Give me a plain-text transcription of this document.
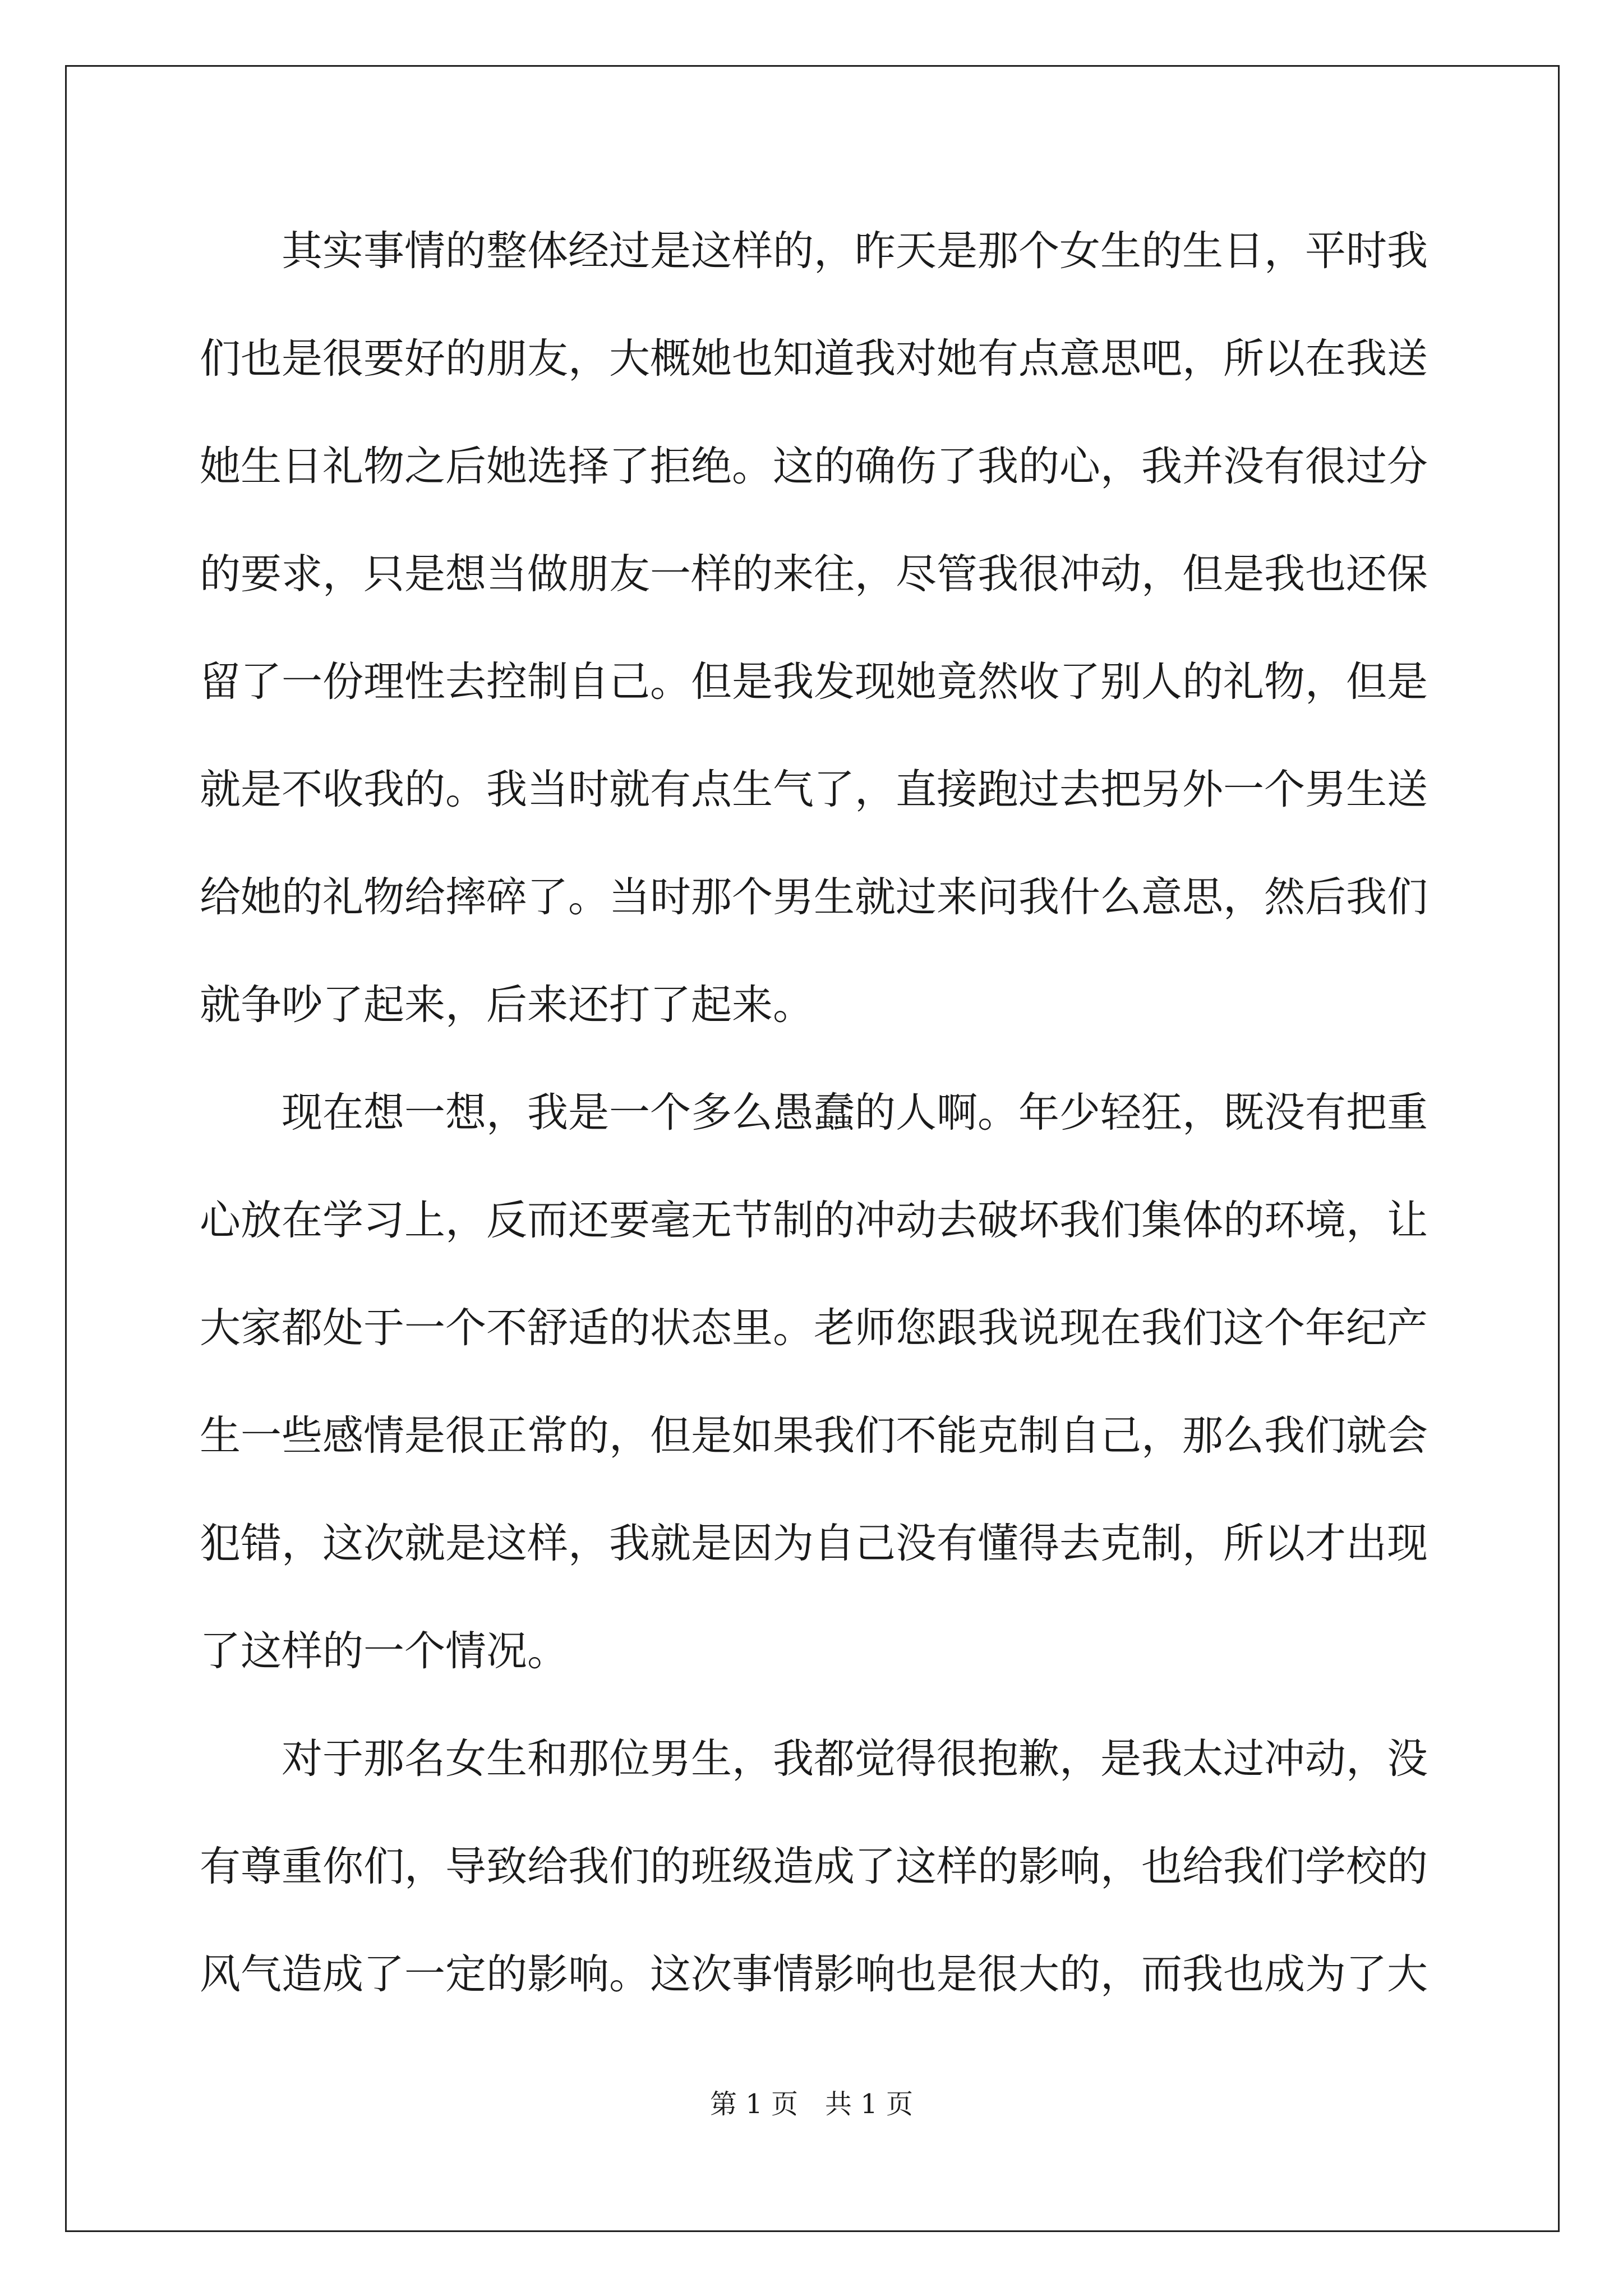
其实事情的整体经过是这样的，昨天是那个女生的生日，平时我
们也是很要好的朋友，大概她也知道我对她有点意思吧，所以在我送
她生日礼物之后她选择了拒绝。这的确伤了我的心，我并没有很过分
的要求，只是想当做朋友一样的来往，尽管我很冲动，但是我也还保
留了一份理性去控制自己。但是我发现她竟然收了别人的礼物，但是
就是不收我的。我当时就有点生气了，直接跑过去把另外一个男生送
给她的礼物给摔碎了。当时那个男生就过来问我什么意思，然后我们
就争吵了起来，后来还打了起来。
现在想一想，我是一个多么愚蠢的人啊。年少轻狂，既没有把重
心放在学习上，反而还要毫无节制的冲动去破坏我们集体的环境，让
大家都处于一个不舒适的状态里。老师您跟我说现在我们这个年纪产
生一些感情是很正常的，但是如果我们不能克制自己，那么我们就会
犯错，这次就是这样，我就是因为自己没有懂得去克制，所以才出现
了这样的一个情况。
对于那名女生和那位男生，我都觉得很抱歉，是我太过冲动，没
有尊重你们，导致给我们的班级造成了这样的影响，也给我们学校的
风气造成了一定的影响。这次事情影响也是很大的，而我也成为了大
第 1 页　共 1 页
